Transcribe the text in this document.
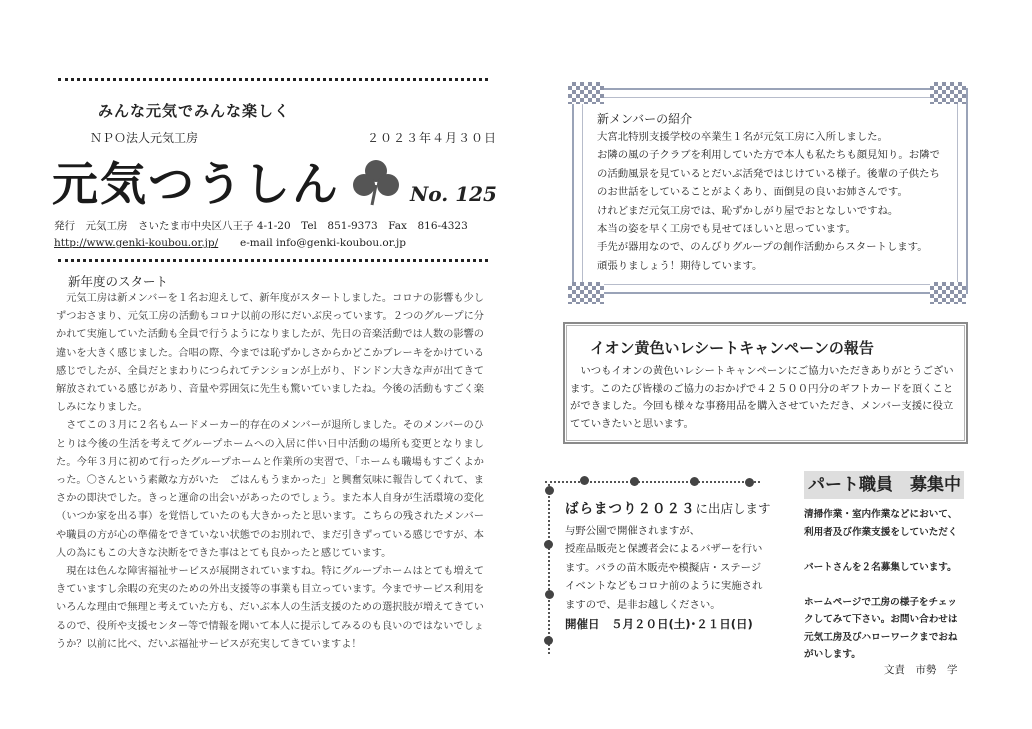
みんな元気でみんな楽しく
ＮＰＯ法人元気工房	２０２３年４月３０日
元気つうしん	No. 125
発行　元気工房　さいたま市中央区八王子 4-1-20　Tel　851-9373　Fax　816-4323
http://www.genki-koubou.or.jp/ e-mail info@genki-koubou.or.jp
新年度のスタート

元気工房は新メンバーを１名お迎えして、新年度がスタートしました。コロナの影響も少しずつおさまり、元気工房の活動もコロナ以前の形にだいぶ戻っています。２つのグループに分かれて実施していた活動も全員で行うようになりましたが、先日の音楽活動では人数の影響の違いを大きく感じました。合唱の際、今までは恥ずかしさからかどこかブレーキをかけている感じでしたが、全員だとまわりにつられてテンションが上がり、ドンドン大きな声が出てきて解放されている感じがあり、音量や雰囲気に先生も驚いていましたね。今後の活動もすごく楽しみになりました。

さてこの３月に２名もムードメーカー的存在のメンバーが退所しました。そのメンバーのひとりは今後の生活を考えてグループホームへの入居に伴い日中活動の場所も変更となりました。今年３月に初めて行ったグループホームと作業所の実習で、「ホームも職場もすごくよかった。〇さんという素敵な方がいた　ごはんもうまかった」と興奮気味に報告してくれて、まさかの即決でした。きっと運命の出会いがあったのでしょう。また本人自身が生活環境の変化（いつか家を出る事）を覚悟していたのも大きかったと思います。こちらの残されたメンバーや職員の方が心の準備をできていない状態でのお別れで、まだ引きずっている感じですが、本人の為にもこの大きな決断をできた事はとても良かったと感じています。

現在は色んな障害福祉サービスが展開されていますね。特にグループホームはとても増えてきていますし余暇の充実のための外出支援等の事業も目立っています。今までサービス利用をいろんな理由で無理と考えていた方も、だいぶ本人の生活支援のための選択肢が増えてきているので、役所や支援センター等で情報を聞いて本人に提示してみるのも良いのではないでしょうか？以前に比べ、だいぶ福祉サービスが充実してきていますよ！

新メンバーの紹介
大宮北特別支援学校の卒業生１名が元気工房に入所しました。
お隣の風の子クラブを利用していた方で本人も私たちも顔見知り。お隣で
の活動風景を見ているとだいぶ活発ではじけている様子。後輩の子供たち
のお世話をしていることがよくあり、面倒見の良いお姉さんです。
けれどまだ元気工房では、恥ずかしがり屋でおとなしいですね。
本当の姿を早く工房でも見せてほしいと思っています。
手先が器用なので、のんびりグループの創作活動からスタートします。
頑張りましょう！期待しています。
イオン黄色いレシートキャンペーンの報告
いつもイオンの黄色いレシートキャンペーンにご協力いただきありがとうございます。このたび皆様のご協力のおかげで４２５００円分のギフトカードを頂くことができました。今回も様々な事務用品を購入させていただき、メンバー支援に役立てていきたいと思います。
ばらまつり２０２３に出店します
与野公園で開催されますが、
授産品販売と保護者会によるバザーを行い
ます。バラの苗木販売や模擬店・ステージ
イベントなどもコロナ前のように実施され
ますので、是非お越しください。
開催日　５月２０日(土)･２１日(日)
パート職員　募集中
清掃作業・室内作業などにおいて、
利用者及び作業支援をしていただく

パートさんを２名募集しています。

ホームページで工房の様子をチェッ
クしてみて下さい。お問い合わせは
元気工房及びハローワークまでおね
がいします。
文責　市勢　学
